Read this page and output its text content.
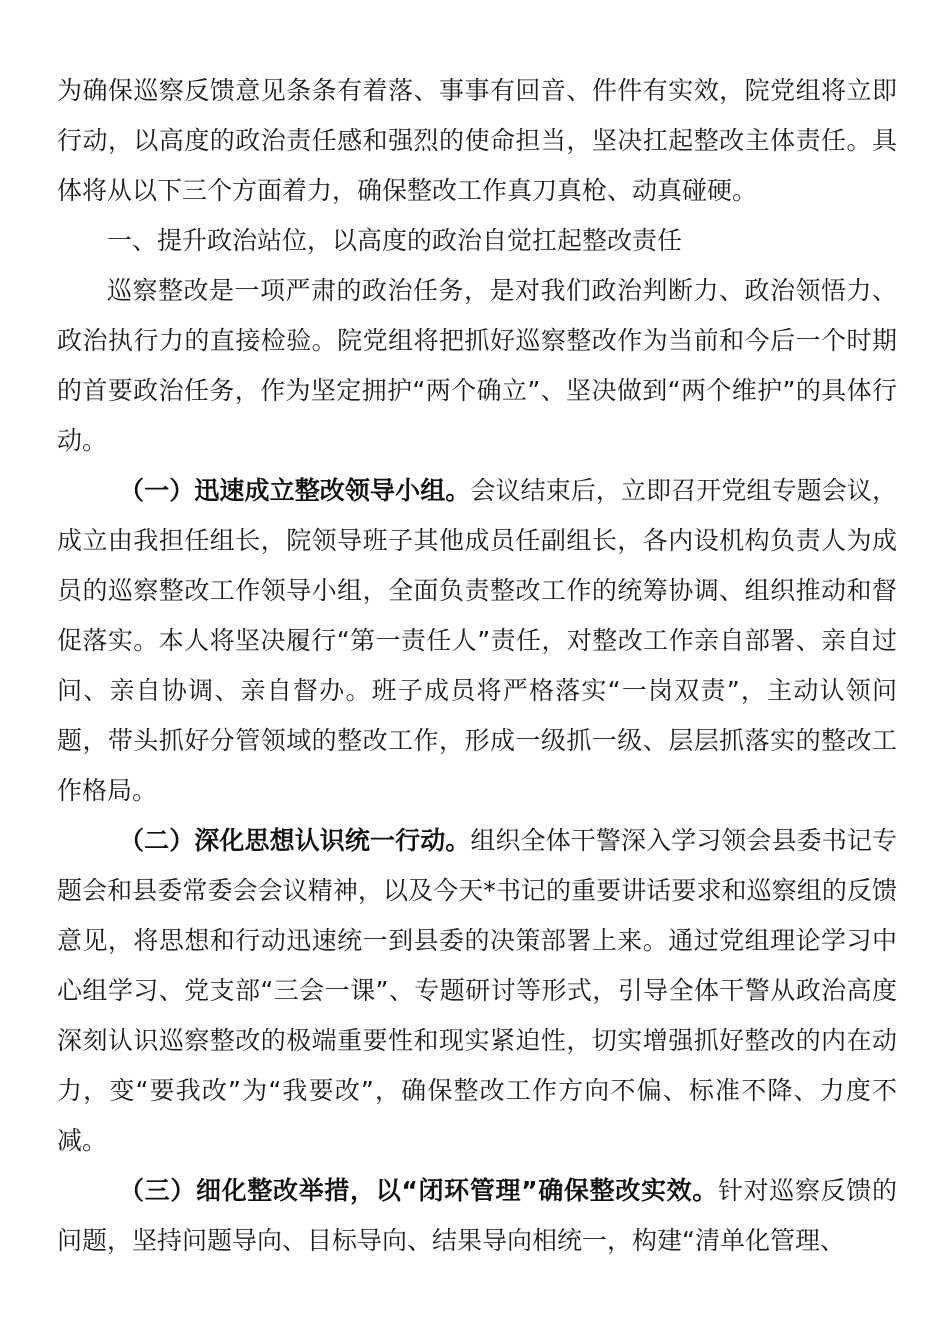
为确保巡察反馈意见条条有着落、事事有回音、件件有实效，院党组将立即行动，以高度的政治责任感和强烈的使命担当，坚决扛起整改主体责任。具体将从以下三个方面着力，确保整改工作真刀真枪、动真碰硬。

一、提升政治站位，以高度的政治自觉扛起整改责任

巡察整改是一项严肃的政治任务，是对我们政治判断力、政治领悟力、政治执行力的直接检验。院党组将把抓好巡察整改作为当前和今后一个时期的首要政治任务，作为坚定拥护“两个确立”、坚决做到“两个维护”的具体行动。

（一）迅速成立整改领导小组。会议结束后，立即召开党组专题会议，成立由我担任组长，院领导班子其他成员任副组长，各内设机构负责人为成员的巡察整改工作领导小组，全面负责整改工作的统筹协调、组织推动和督促落实。本人将坚决履行“第一责任人”责任，对整改工作亲自部署、亲自过问、亲自协调、亲自督办。班子成员将严格落实“一岗双责”，主动认领问题，带头抓好分管领域的整改工作，形成一级抓一级、层层抓落实的整改工作格局。

（二）深化思想认识统一行动。组织全体干警深入学习领会县委书记专题会和县委常委会会议精神，以及今天*书记的重要讲话要求和巡察组的反馈意见，将思想和行动迅速统一到县委的决策部署上来。通过党组理论学习中心组学习、党支部“三会一课”、专题研讨等形式，引导全体干警从政治高度深刻认识巡察整改的极端重要性和现实紧迫性，切实增强抓好整改的内在动力，变“要我改”为“我要改”，确保整改工作方向不偏、标准不降、力度不减。

（三）细化整改举措，以“闭环管理”确保整改实效。针对巡察反馈的问题，坚持问题导向、目标导向、结果导向相统一，构建“清单化管理、
